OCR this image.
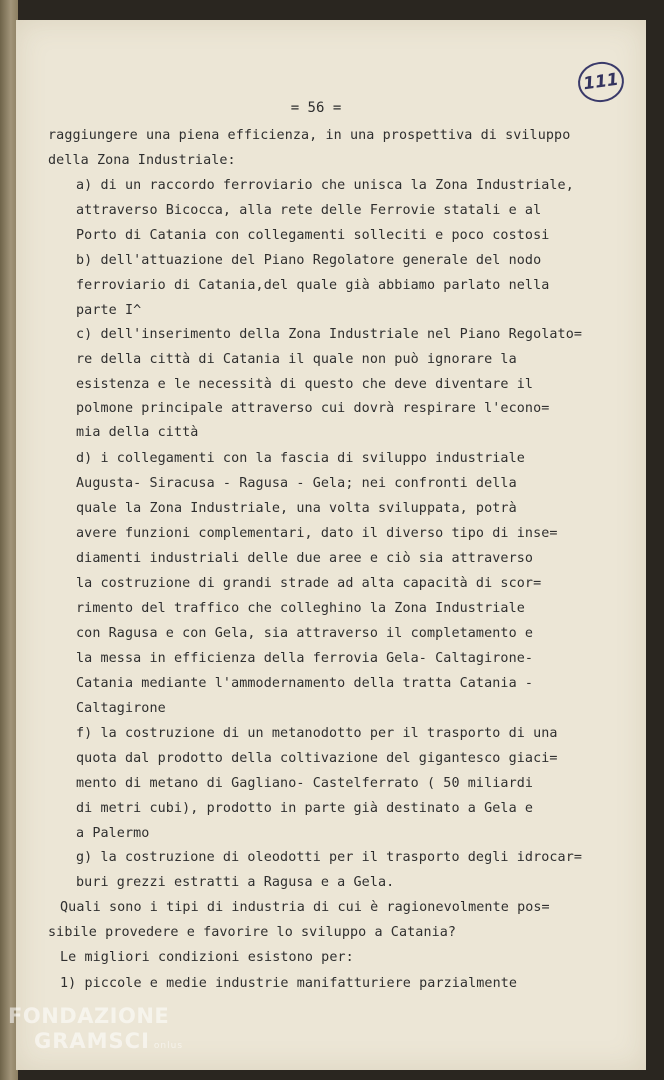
111
= 56 =
raggiungere una piena efficienza, in una prospettiva di sviluppo
della Zona Industriale:
a) di un raccordo ferroviario che unisca la Zona Industriale,
attraverso Bicocca, alla rete delle Ferrovie statali e al
Porto di Catania con collegamenti solleciti e poco costosi
b) dell'attuazione del Piano Regolatore generale del nodo
ferroviario di Catania,del quale già abbiamo parlato nella
parte I^
c) dell'inserimento della Zona Industriale nel Piano Regolato=
re della città di Catania il quale non può ignorare la
esistenza e le necessità di questo che deve diventare il
polmone principale attraverso cui dovrà respirare l'econo=
mia della città
d) i collegamenti con la fascia di sviluppo industriale
Augusta- Siracusa - Ragusa - Gela; nei confronti della
quale la Zona Industriale, una volta sviluppata, potrà
avere funzioni complementari, dato il diverso tipo di inse=
diamenti industriali delle due aree e ciò sia attraverso
la costruzione di grandi strade ad alta capacità di scor=
rimento del traffico che colleghino la Zona Industriale
con Ragusa e con Gela, sia attraverso il completamento e
la messa in efficienza della ferrovia Gela- Caltagirone-
Catania mediante l'ammodernamento della tratta Catania -
Caltagirone
f) la costruzione di un metanodotto per il trasporto di una
quota dal prodotto della coltivazione del gigantesco giaci=
mento di metano di Gagliano- Castelferrato ( 50 miliardi
di metri cubi), prodotto in parte già destinato a Gela e
a Palermo
g) la costruzione di oleodotti per il trasporto degli idrocar=
buri grezzi estratti a Ragusa e a Gela.
Quali sono i tipi di industria di cui è ragionevolmente pos=
sibile provedere e favorire lo sviluppo a Catania?
Le migliori condizioni esistono per:
1) piccole e medie industrie manifatturiere parzialmente
FONDAZIONE
GRAMSCI onlus
